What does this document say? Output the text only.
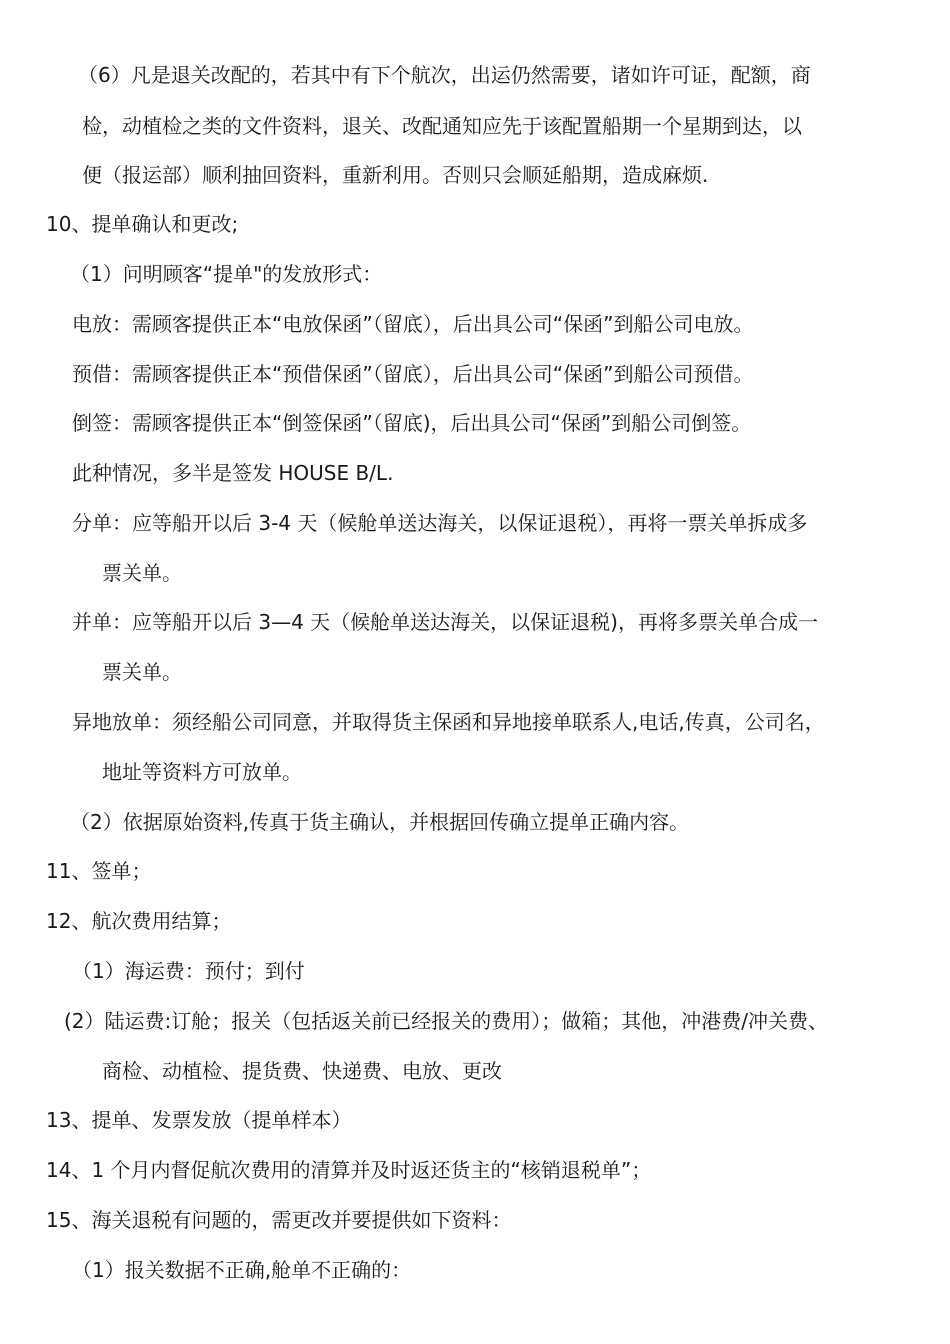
（6）凡是退关改配的，若其中有下个航次，出运仍然需要，诸如许可证，配额，商
检，动植检之类的文件资料，退关、改配通知应先于该配置船期一个星期到达，以
便（报运部）顺利抽回资料，重新利用。否则只会顺延船期，造成麻烦.
10、提单确认和更改;
（1）问明顾客“提单"的发放形式：
电放：需顾客提供正本“电放保函”（留底），后出具公司“保函”到船公司电放。
预借：需顾客提供正本“预借保函”（留底），后出具公司“保函”到船公司预借。
倒签：需顾客提供正本“倒签保函”（留底)，后出具公司“保函”到船公司倒签。
此种情况，多半是签发 HOUSE B/L.
分单：应等船开以后 3-4 天（候舱单送达海关，以保证退税），再将一票关单拆成多
票关单。
并单：应等船开以后 3—4 天（候舱单送达海关，以保证退税)，再将多票关单合成一
票关单。
异地放单：须经船公司同意，并取得货主保函和异地接单联系人,电话,传真，公司名，
地址等资料方可放单。
（2）依据原始资料,传真于货主确认，并根据回传确立提单正确内容。
11、签单；
12、航次费用结算；
（1）海运费：预付；到付
(2）陆运费:订舱；报关（包括返关前已经报关的费用）；做箱；其他，冲港费/冲关费、
商检、动植检、提货费、快递费、电放、更改
13、提单、发票发放（提单样本）
14、1 个月内督促航次费用的清算并及时返还货主的“核销退税单”；
15、海关退税有问题的，需更改并要提供如下资料：
（1）报关数据不正确,舱单不正确的：
